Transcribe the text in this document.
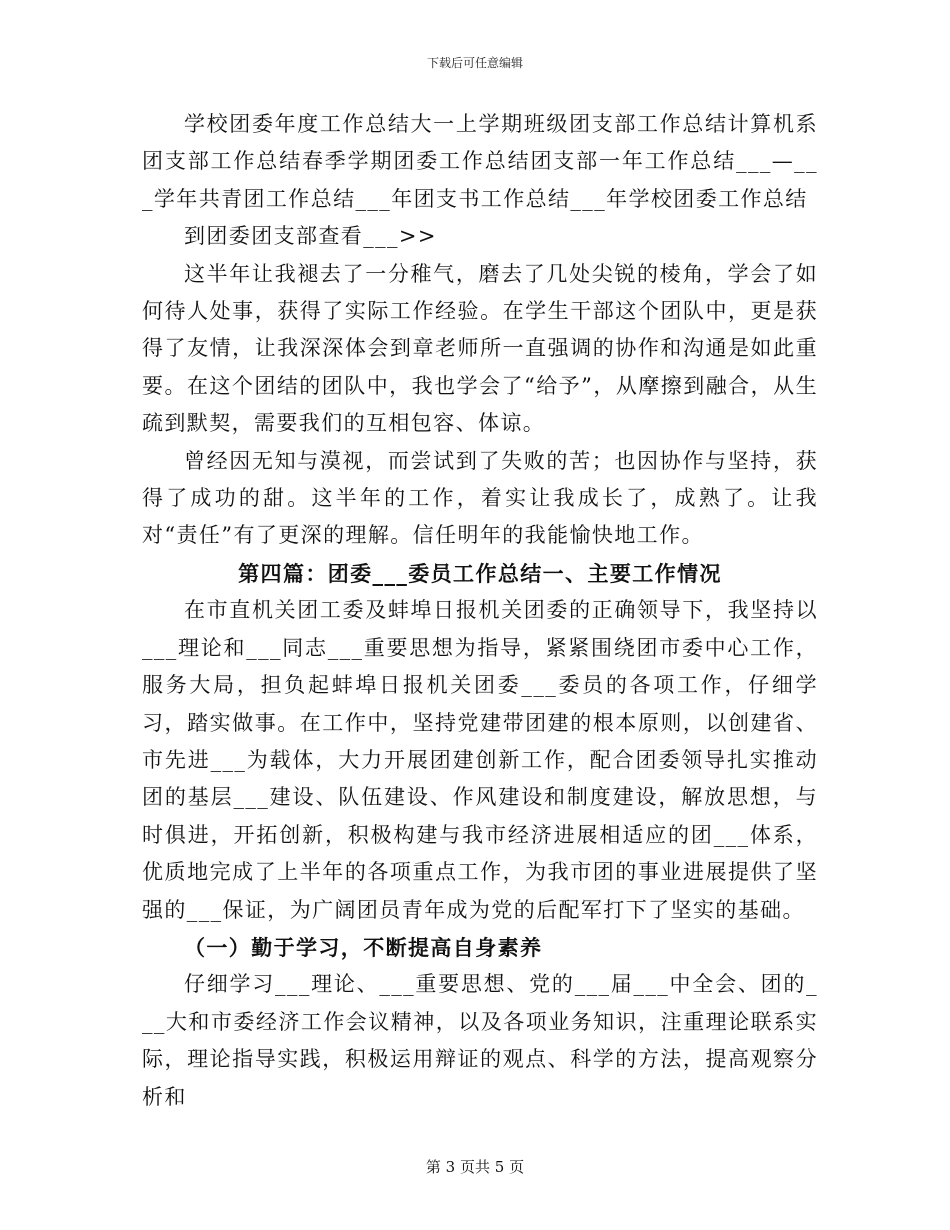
下载后可任意编辑

学校团委年度工作总结大一上学期班级团支部工作总结计算机系团支部工作总结春季学期团委工作总结团支部一年工作总结___—___学年共青团工作总结___年团支书工作总结___年学校团委工作总结

到团委团支部查看___>>

这半年让我褪去了一分稚气，磨去了几处尖锐的棱角，学会了如何待人处事，获得了实际工作经验。在学生干部这个团队中，更是获得了友情，让我深深体会到章老师所一直强调的协作和沟通是如此重要。在这个团结的团队中，我也学会了“给予”，从摩擦到融合，从生疏到默契，需要我们的互相包容、体谅。

曾经因无知与漠视，而尝试到了失败的苦；也因协作与坚持，获得了成功的甜。这半年的工作，着实让我成长了，成熟了。让我对“责任”有了更深的理解。信任明年的我能愉快地工作。

第四篇：团委___委员工作总结一、主要工作情况

在市直机关团工委及蚌埠日报机关团委的正确领导下，我坚持以___理论和___同志___重要思想为指导，紧紧围绕团市委中心工作，服务大局，担负起蚌埠日报机关团委___委员的各项工作，仔细学习，踏实做事。在工作中，坚持党建带团建的根本原则，以创建省、市先进___为载体，大力开展团建创新工作，配合团委领导扎实推动团的基层___建设、队伍建设、作风建设和制度建设，解放思想，与时俱进，开拓创新，积极构建与我市经济进展相适应的团___体系，优质地完成了上半年的各项重点工作，为我市团的事业进展提供了坚强的___保证，为广阔团员青年成为党的后配军打下了坚实的基础。

（一）勤于学习，不断提高自身素养

仔细学习___理论、___重要思想、党的___届___中全会、团的___大和市委经济工作会议精神，以及各项业务知识，注重理论联系实际，理论指导实践，积极运用辩证的观点、科学的方法，提高观察分析和

第 3 页共 5 页
